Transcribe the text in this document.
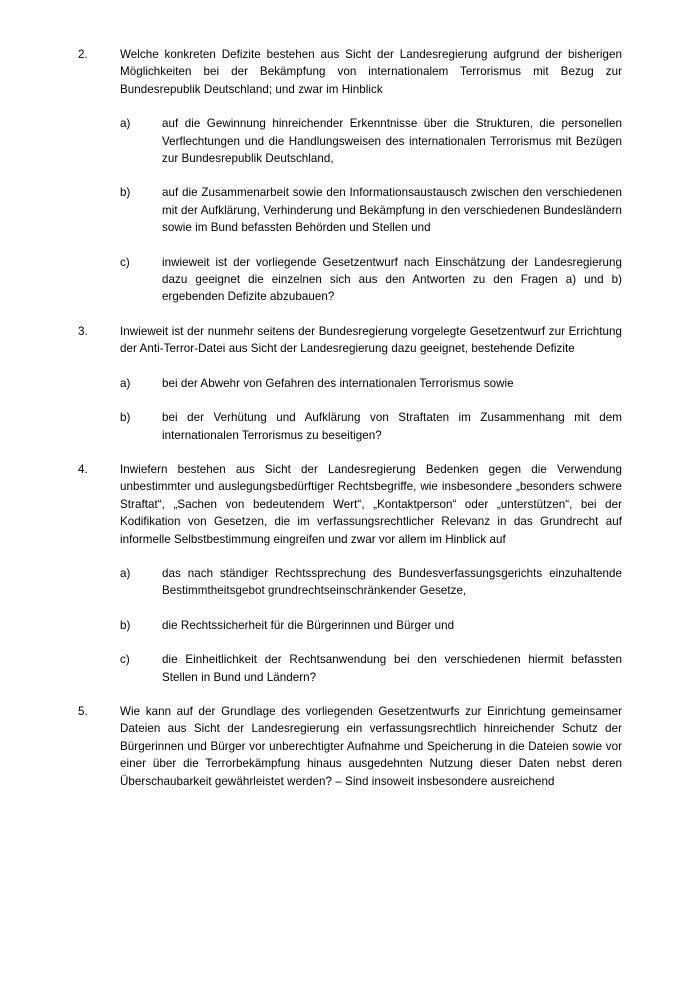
2.	Welche konkreten Defizite bestehen aus Sicht der Landesregierung aufgrund der bisherigen Möglichkeiten bei der Bekämpfung von internationalem Terrorismus mit Bezug zur Bundesrepublik Deutschland; und zwar im Hinblick
a)	auf die Gewinnung hinreichender Erkenntnisse über die Strukturen, die personellen Verflechtungen und die Handlungsweisen des internationalen Terrorismus mit Bezügen zur Bundesrepublik Deutschland,
b)	auf die Zusammenarbeit sowie den Informationsaustausch zwischen den verschiedenen mit der Aufklärung, Verhinderung und Bekämpfung in den verschiedenen Bundesländern sowie im Bund befassten Behörden und Stellen und
c)	inwieweit ist der vorliegende Gesetzentwurf nach Einschätzung der Landesregierung dazu geeignet die einzelnen sich aus den Antworten zu den Fragen a) und b) ergebenden Defizite abzubauen?
3.	Inwieweit ist der nunmehr seitens der Bundesregierung vorgelegte Gesetzentwurf zur Errichtung der Anti-Terror-Datei aus Sicht der Landesregierung dazu geeignet, bestehende Defizite
a)	bei der Abwehr von Gefahren des internationalen Terrorismus sowie
b)	bei der Verhütung und Aufklärung von Straftaten im Zusammenhang mit dem internationalen Terrorismus zu beseitigen?
4.	Inwiefern bestehen aus Sicht der Landesregierung Bedenken gegen die Verwendung unbestimmter und auslegungsbedürftiger Rechtsbegriffe, wie insbesondere „besonders schwere Straftat“, „Sachen von bedeutendem Wert“, „Kontaktperson“ oder „unterstützen“, bei der Kodifikation von Gesetzen, die im verfassungsrechtlicher Relevanz in das Grundrecht auf informelle Selbstbestimmung eingreifen und zwar vor allem im Hinblick auf
a)	das nach ständiger Rechtssprechung des Bundesverfassungsgerichts einzuhaltende Bestimmtheitsgebot grundrechtseinschränkender Gesetze,
b)	die Rechtssicherheit für die Bürgerinnen und Bürger und
c)	die Einheitlichkeit der Rechtsanwendung bei den verschiedenen hiermit befassten Stellen in Bund und Ländern?
5.	Wie kann auf der Grundlage des vorliegenden Gesetzentwurfs zur Einrichtung gemeinsamer Dateien aus Sicht der Landesregierung ein verfassungsrechtlich hinreichender Schutz der Bürgerinnen und Bürger vor unberechtigter Aufnahme und Speicherung in die Dateien sowie vor einer über die Terrorbekämpfung hinaus ausgedehnten Nutzung dieser Daten nebst deren Überschaubarkeit gewährleistet werden? – Sind insoweit insbesondere ausreichend
